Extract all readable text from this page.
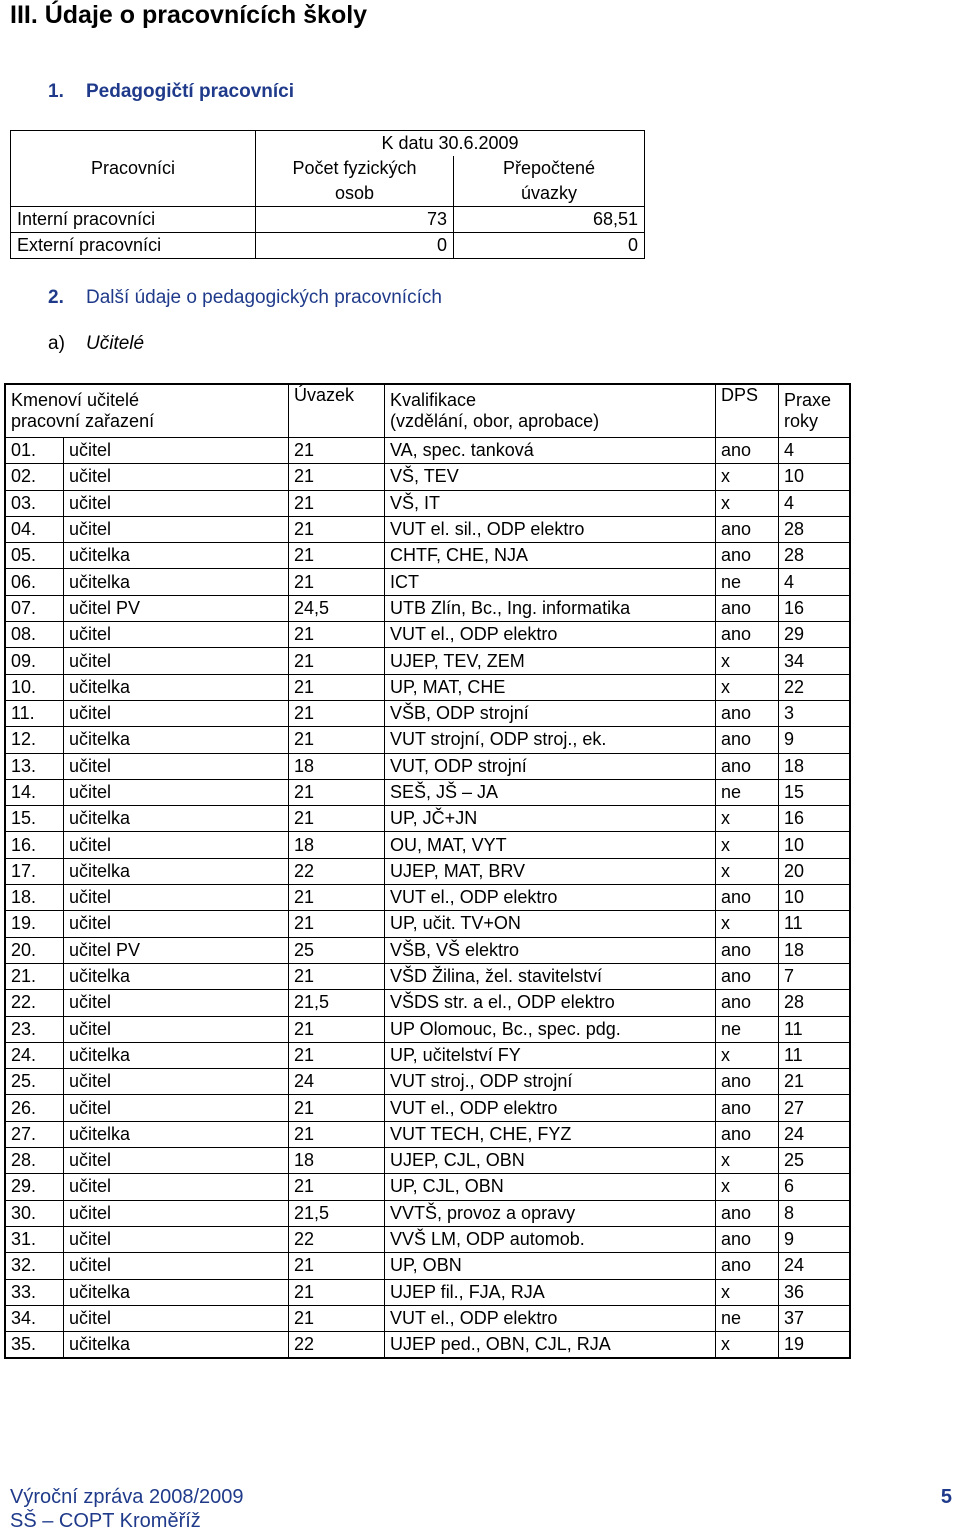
III. Údaje o pracovnících školy
1. Pedagogičtí pracovníci
	K datu 30.6.2009	
Pracovníci	Počet fyzických	Přepočtené
	osob	úvazky
Interní pracovníci	73	68,51
Externí pracovníci	0	0
2. Další údaje o pedagogických pracovnících
a) Učitelé
Kmenoví učitelé		Úvazek	Kvalifikace	DPS	Praxe
pracovní zařazení			(vzdělání, obor, aprobace)		roky
01.	učitel	21	VA, spec. tanková	ano	4
02.	učitel	21	VŠ, TEV	x	10
03.	učitel	21	VŠ, IT	x	4
04.	učitel	21	VUT el. sil., ODP elektro	ano	28
05.	učitelka	21	CHTF, CHE, NJA	ano	28
06.	učitelka	21	ICT	ne	4
07.	učitel PV	24,5	UTB Zlín, Bc., Ing. informatika	ano	16
08.	učitel	21	VUT el., ODP elektro	ano	29
09.	učitel	21	UJEP, TEV, ZEM	x	34
10.	učitelka	21	UP, MAT, CHE	x	22
11.	učitel	21	VŠB, ODP strojní	ano	3
12.	učitelka	21	VUT strojní, ODP stroj., ek.	ano	9
13.	učitel	18	VUT, ODP strojní	ano	18
14.	učitel	21	SEŠ, JŠ – JA	ne	15
15.	učitelka	21	UP, JČ+JN	x	16
16.	učitel	18	OU, MAT, VYT	x	10
17.	učitelka	22	UJEP, MAT, BRV	x	20
18.	učitel	21	VUT el., ODP elektro	ano	10
19.	učitel	21	UP, učit. TV+ON	x	11
20.	učitel PV	25	VŠB, VŠ elektro	ano	18
21.	učitelka	21	VŠD Žilina, žel. stavitelství	ano	7
22.	učitel	21,5	VŠDS str. a el., ODP elektro	ano	28
23.	učitel	21	UP Olomouc, Bc., spec. pdg.	ne	11
24.	učitelka	21	UP, učitelství FY	x	11
25.	učitel	24	VUT stroj., ODP strojní	ano	21
26.	učitel	21	VUT el., ODP elektro	ano	27
27.	učitelka	21	VUT TECH, CHE, FYZ	ano	24
28.	učitel	18	UJEP, CJL, OBN	x	25
29.	učitel	21	UP, CJL, OBN	x	6
30.	učitel	21,5	VVTŠ, provoz a opravy	ano	8
31.	učitel	22	VVŠ LM, ODP automob.	ano	9
32.	učitel	21	UP, OBN	ano	24
33.	učitelka	21	UJEP fil., FJA, RJA	x	36
34.	učitel	21	VUT el., ODP elektro	ne	37
35.	učitelka	22	UJEP ped., OBN, CJL, RJA	x	19
Výroční zpráva 2008/2009
SŠ – COPT Kroměříž
5
